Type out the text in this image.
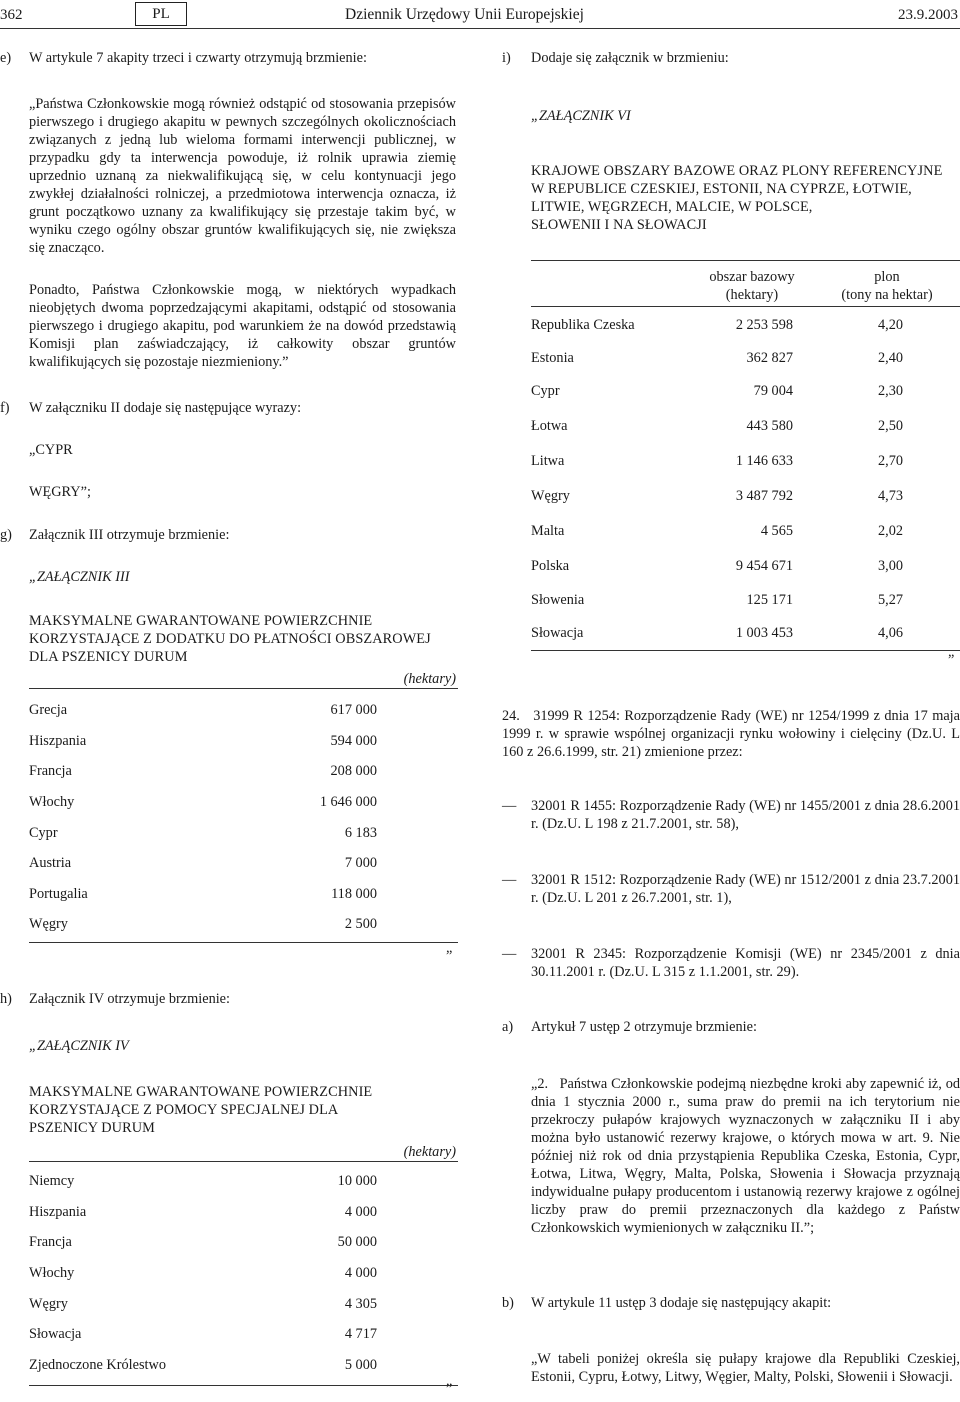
362	PL	Dziennik Urzędowy Unii Europejskiej	23.9.2003
e) W artykule 7 akapity trzeci i czwarty otrzymują brzmienie:
„Państwa Członkowskie mogą również odstąpić od stosowania przepisów pierwszego i drugiego akapitu w pewnych szczególnych okolicznościach związanych z jedną lub wieloma formami interwencji publicznej, w przypadku gdy ta interwencja powoduje, iż rolnik uprawia ziemię uprzednio uznaną za niekwalifikującą się, w celu kontynuacji jego zwykłej działalności rolniczej, a przedmiotowa interwencja oznacza, iż grunt początkowo uznany za kwalifikujący się przestaje takim być, w wyniku czego ogólny obszar gruntów kwalifikujących się, nie zwiększa się znacząco.
Ponadto, Państwa Członkowskie mogą, w niektórych wypadkach nieobjętych dwoma poprzedzającymi akapitami, odstąpić od stosowania pierwszego i drugiego akapitu, pod warunkiem że na dowód przedstawią Komisji plan zaświadczający, iż całkowity obszar gruntów kwalifikujących się pozostaje niezmieniony.”
f) W załączniku II dodaje się następujące wyrazy:
„CYPR
WĘGRY”;
g) Załącznik III otrzymuje brzmienie:
„ZAŁĄCZNIK III
MAKSYMALNE GWARANTOWANE POWIERZCHNIE
KORZYSTAJĄCE Z DODATKU DO PŁATNOŚCI OBSZAROWEJ
DLA PSZENICY DURUM
(hektary)
Grecja	617 000
Hiszpania	594 000
Francja	208 000
Włochy	1 646 000
Cypr	6 183
Austria	7 000
Portugalia	118 000
Węgry	2 500
”
h) Załącznik IV otrzymuje brzmienie:
„ZAŁĄCZNIK IV
MAKSYMALNE GWARANTOWANE POWIERZCHNIE
KORZYSTAJĄCE Z POMOCY SPECJALNEJ DLA
PSZENICY DURUM
(hektary)
Niemcy	10 000
Hiszpania	4 000
Francja	50 000
Włochy	4 000
Węgry	4 305
Słowacja	4 717
Zjednoczone Królestwo	5 000
”
i) Dodaje się załącznik w brzmieniu:
„ZAŁĄCZNIK VI
KRAJOWE OBSZARY BAZOWE ORAZ PLONY REFERENCYJNE
W REPUBLICE CZESKIEJ, ESTONII, NA CYPRZE, ŁOTWIE,
LITWIE, WĘGRZECH, MALCIE, W POLSCE,
SŁOWENII I NA SŁOWACJI
obszar bazowy
(hektary)
plon
(tony na hektar)
Republika Czeska	2 253 598	4,20
Estonia	362 827	2,40
Cypr	79 004	2,30
Łotwa	443 580	2,50
Litwa	1 146 633	2,70
Węgry	3 487 792	4,73
Malta	4 565	2,02
Polska	9 454 671	3,00
Słowenia	125 171	5,27
Słowacja	1 003 453	4,06
”
24.   31999 R 1254: Rozporządzenie Rady (WE) nr 1254/1999 z dnia 17 maja 1999 r. w sprawie wspólnej organizacji rynku wołowiny i cielęciny (Dz.U. L 160 z 26.6.1999, str. 21) zmienione przez:
— 32001 R 1455: Rozporządzenie Rady (WE) nr 1455/2001 z dnia 28.6.2001 r. (Dz.U. L 198 z 21.7.2001, str. 58),
— 32001 R 1512: Rozporządzenie Rady (WE) nr 1512/2001 z dnia 23.7.2001 r. (Dz.U. L 201 z 26.7.2001, str. 1),
— 32001 R 2345: Rozporządzenie Komisji (WE) nr 2345/2001 z dnia 30.11.2001 r. (Dz.U. L 315 z 1.1.2001, str. 29).
a) Artykuł 7 ustęp 2 otrzymuje brzmienie:
„2.   Państwa Członkowskie podejmą niezbędne kroki aby zapewnić iż, od dnia 1 stycznia 2000 r., suma praw do premii na ich terytorium nie przekroczy pułapów krajowych wyznaczonych w załączniku II i aby można było ustanowić rezerwy krajowe, o których mowa w art. 9. Nie później niż rok od dnia przystąpienia Republika Czeska, Estonia, Cypr, Łotwa, Litwa, Węgry, Malta, Polska, Słowenia i Słowacja przyznają indywidualne pułapy producentom i ustanowią rezerwy krajowe z ogólnej liczby praw do premii przeznaczonych dla każdego z Państw Członkowskich wymienionych w załączniku II.”;
b) W artykule 11 ustęp 3 dodaje się następujący akapit:
„W tabeli poniżej określa się pułapy krajowe dla Republiki Czeskiej, Estonii, Cypru, Łotwy, Litwy, Węgier, Malty, Polski, Słowenii i Słowacji.
